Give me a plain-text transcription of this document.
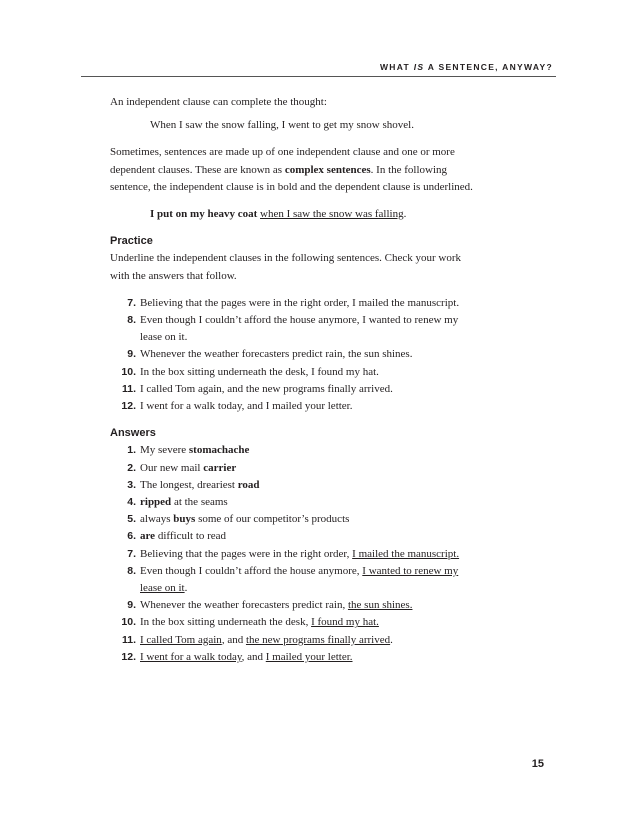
WHAT IS A SENTENCE, ANYWAY?

An independent clause can complete the thought:

When I saw the snow falling, I went to get my snow shovel.

Sometimes, sentences are made up of one independent clause and one or more dependent clauses. These are known as complex sentences. In the following sentence, the independent clause is in bold and the dependent clause is underlined.

I put on my heavy coat when I saw the snow was falling.

Practice

Underline the independent clauses in the following sentences. Check your work with the answers that follow.

7. Believing that the pages were in the right order, I mailed the manuscript.
8. Even though I couldn’t afford the house anymore, I wanted to renew my lease on it.
9. Whenever the weather forecasters predict rain, the sun shines.
10. In the box sitting underneath the desk, I found my hat.
11. I called Tom again, and the new programs finally arrived.
12. I went for a walk today, and I mailed your letter.

Answers

1. My severe stomachache
2. Our new mail carrier
3. The longest, dreariest road
4. ripped at the seams
5. always buys some of our competitor’s products
6. are difficult to read
7. Believing that the pages were in the right order, I mailed the manuscript.
8. Even though I couldn’t afford the house anymore, I wanted to renew my lease on it.
9. Whenever the weather forecasters predict rain, the sun shines.
10. In the box sitting underneath the desk, I found my hat.
11. I called Tom again, and the new programs finally arrived.
12. I went for a walk today, and I mailed your letter.
15
